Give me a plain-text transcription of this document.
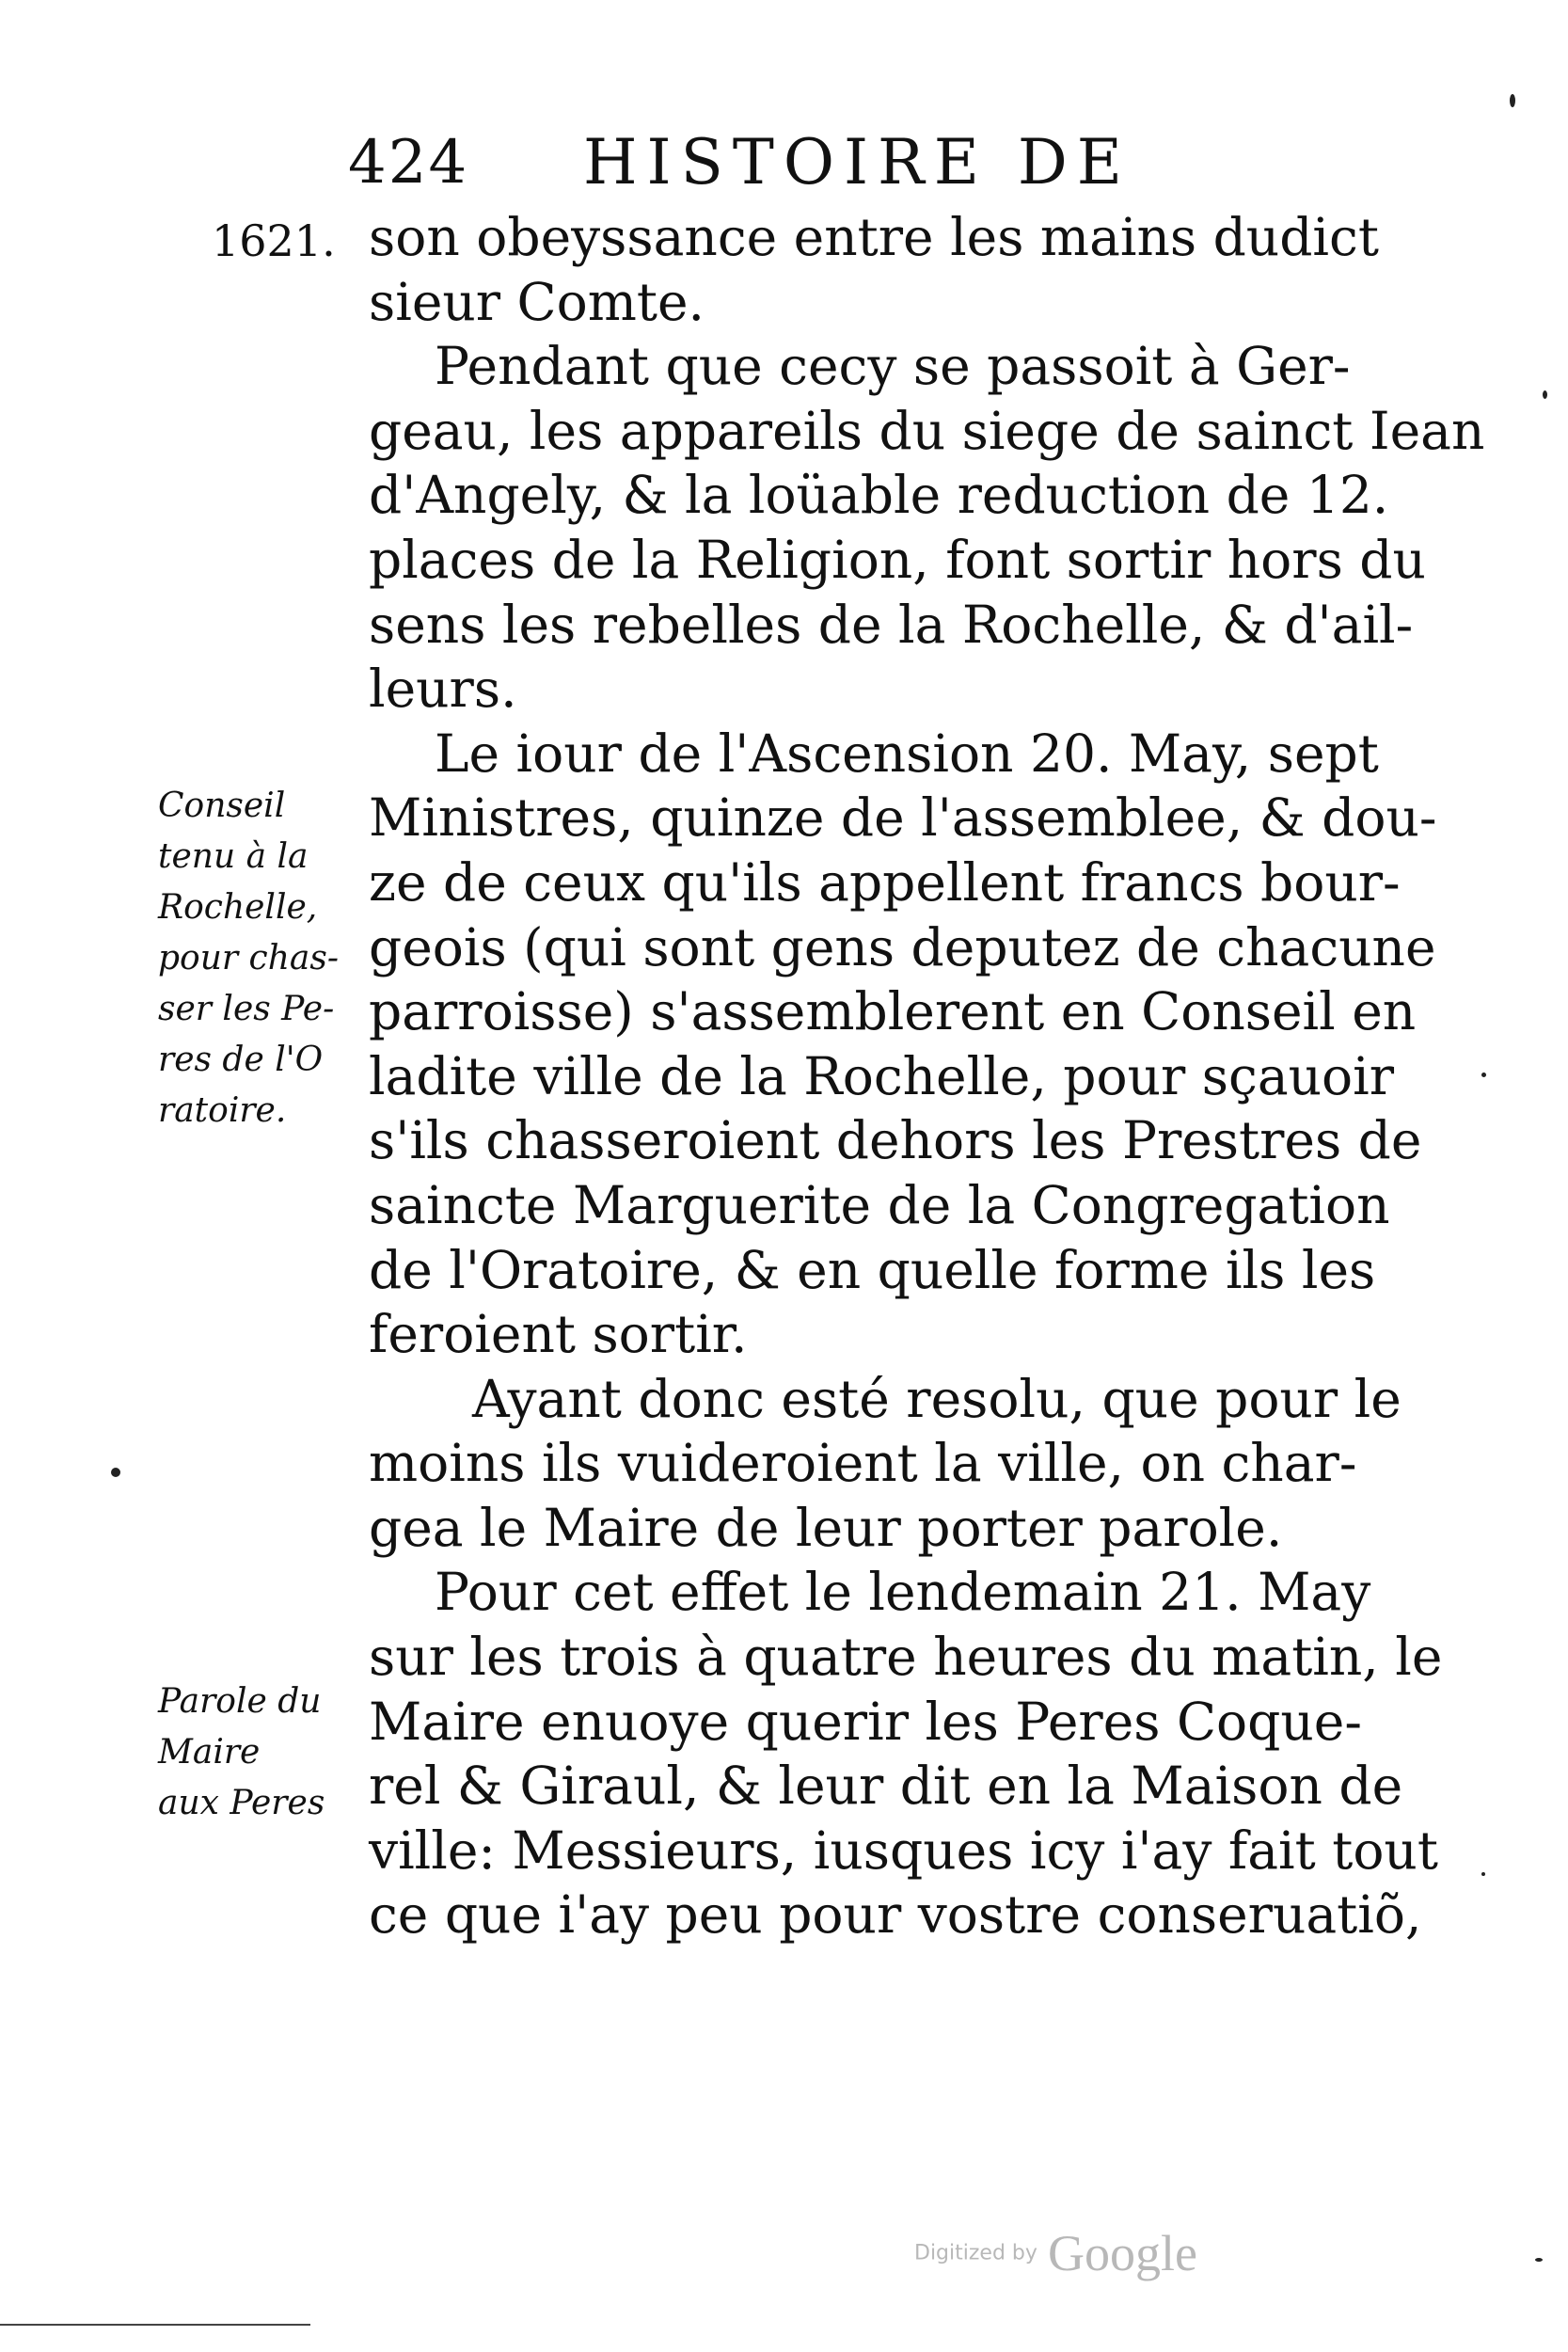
424 HISTOIRE DE
1621.
Conseil
tenu à la
Rochelle,
pour chas-
ser les Pe-
res de l'O
ratoire.
Parole du
Maire
aux Peres
son obeyssance entre les mains dudict
sieur Comte.
Pendant que cecy se passoit à Ger-
geau, les appareils du siege de sainct Iean
d'Angely, & la loüable reduction de 12.
places de la Religion, font sortir hors du
sens les rebelles de la Rochelle, & d'ail-
leurs.
Le iour de l'Ascension 20. May, sept
Ministres, quinze de l'assemblee, & dou-
ze de ceux qu'ils appellent francs bour-
geois (qui sont gens deputez de chacune
parroisse) s'assemblerent en Conseil en
ladite ville de la Rochelle, pour sçauoir
s'ils chasseroient dehors les Prestres de
saincte Marguerite de la Congregation
de l'Oratoire, & en quelle forme ils les
feroient sortir.
Ayant donc esté resolu, que pour le
moins ils vuideroient la ville, on char-
gea le Maire de leur porter parole.
Pour cet effet le lendemain 21. May
sur les trois à quatre heures du matin, le
Maire enuoye querir les Peres Coque-
rel & Giraul, & leur dit en la Maison de
ville: Messieurs, iusques icy i'ay fait tout
ce que i'ay peu pour vostre conseruatiõ,
Digitized by Google
